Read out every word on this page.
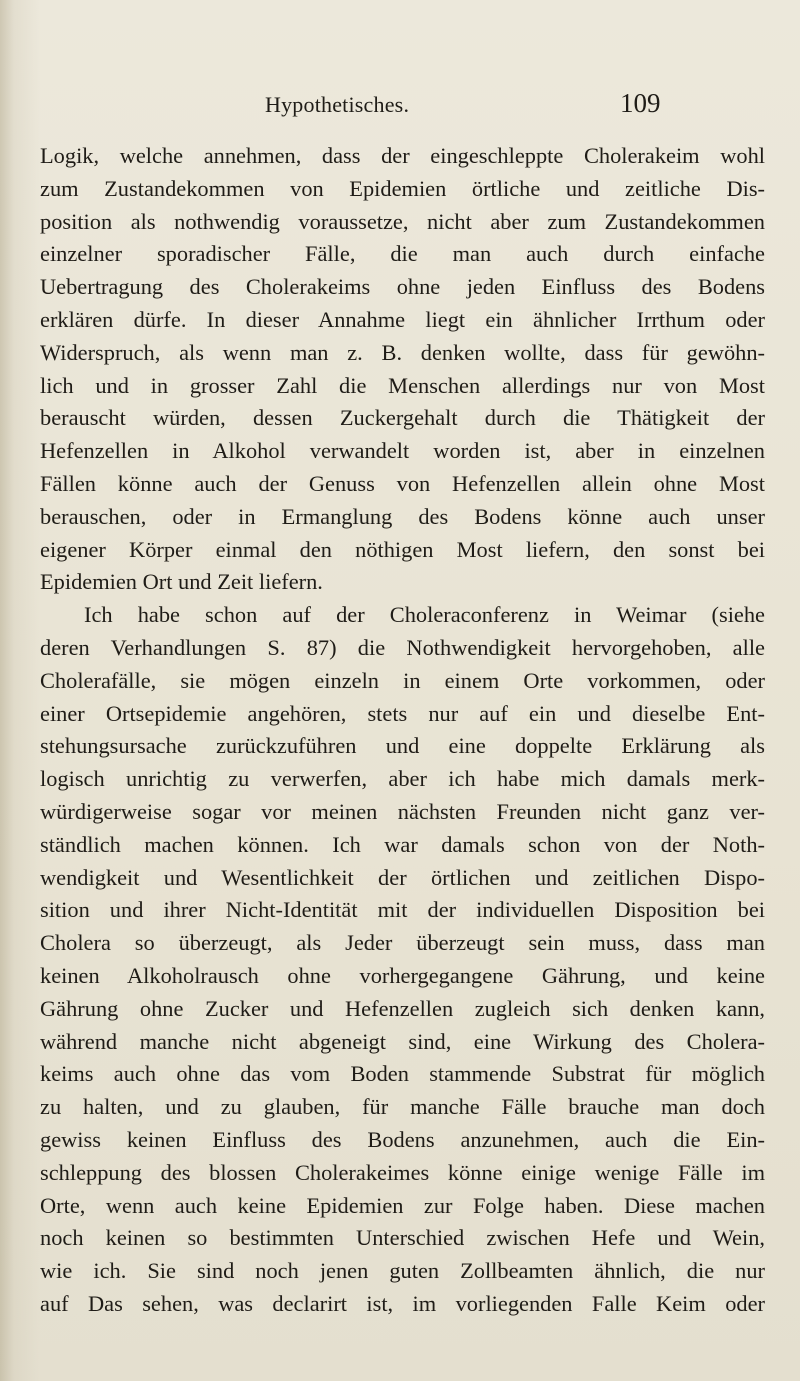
Hypothetisches.	109
Logik, welche annehmen, dass der eingeschleppte Cholerakeim wohl
zum Zustandekommen von Epidemien örtliche und zeitliche Dis-
position als nothwendig voraussetze, nicht aber zum Zustandekommen
einzelner sporadischer Fälle, die man auch durch einfache
Uebertragung des Cholerakeims ohne jeden Einfluss des Bodens
erklären dürfe. In dieser Annahme liegt ein ähnlicher Irrthum oder
Widerspruch, als wenn man z. B. denken wollte, dass für gewöhn-
lich und in grosser Zahl die Menschen allerdings nur von Most
berauscht würden, dessen Zuckergehalt durch die Thätigkeit der
Hefenzellen in Alkohol verwandelt worden ist, aber in einzelnen
Fällen könne auch der Genuss von Hefenzellen allein ohne Most
berauschen, oder in Ermanglung des Bodens könne auch unser
eigener Körper einmal den nöthigen Most liefern, den sonst bei
Epidemien Ort und Zeit liefern.
Ich habe schon auf der Choleraconferenz in Weimar (siehe
deren Verhandlungen S. 87) die Nothwendigkeit hervorgehoben, alle
Cholerafälle, sie mögen einzeln in einem Orte vorkommen, oder
einer Ortsepidemie angehören, stets nur auf ein und dieselbe Ent-
stehungsursache zurückzuführen und eine doppelte Erklärung als
logisch unrichtig zu verwerfen, aber ich habe mich damals merk-
würdigerweise sogar vor meinen nächsten Freunden nicht ganz ver-
ständlich machen können. Ich war damals schon von der Noth-
wendigkeit und Wesentlichkeit der örtlichen und zeitlichen Dispo-
sition und ihrer Nicht-Identität mit der individuellen Disposition bei
Cholera so überzeugt, als Jeder überzeugt sein muss, dass man
keinen Alkoholrausch ohne vorhergegangene Gährung, und keine
Gährung ohne Zucker und Hefenzellen zugleich sich denken kann,
während manche nicht abgeneigt sind, eine Wirkung des Cholera-
keims auch ohne das vom Boden stammende Substrat für möglich
zu halten, und zu glauben, für manche Fälle brauche man doch
gewiss keinen Einfluss des Bodens anzunehmen, auch die Ein-
schleppung des blossen Cholerakeimes könne einige wenige Fälle im
Orte, wenn auch keine Epidemien zur Folge haben. Diese machen
noch keinen so bestimmten Unterschied zwischen Hefe und Wein,
wie ich. Sie sind noch jenen guten Zollbeamten ähnlich, die nur
auf Das sehen, was declarirt ist, im vorliegenden Falle Keim oder
